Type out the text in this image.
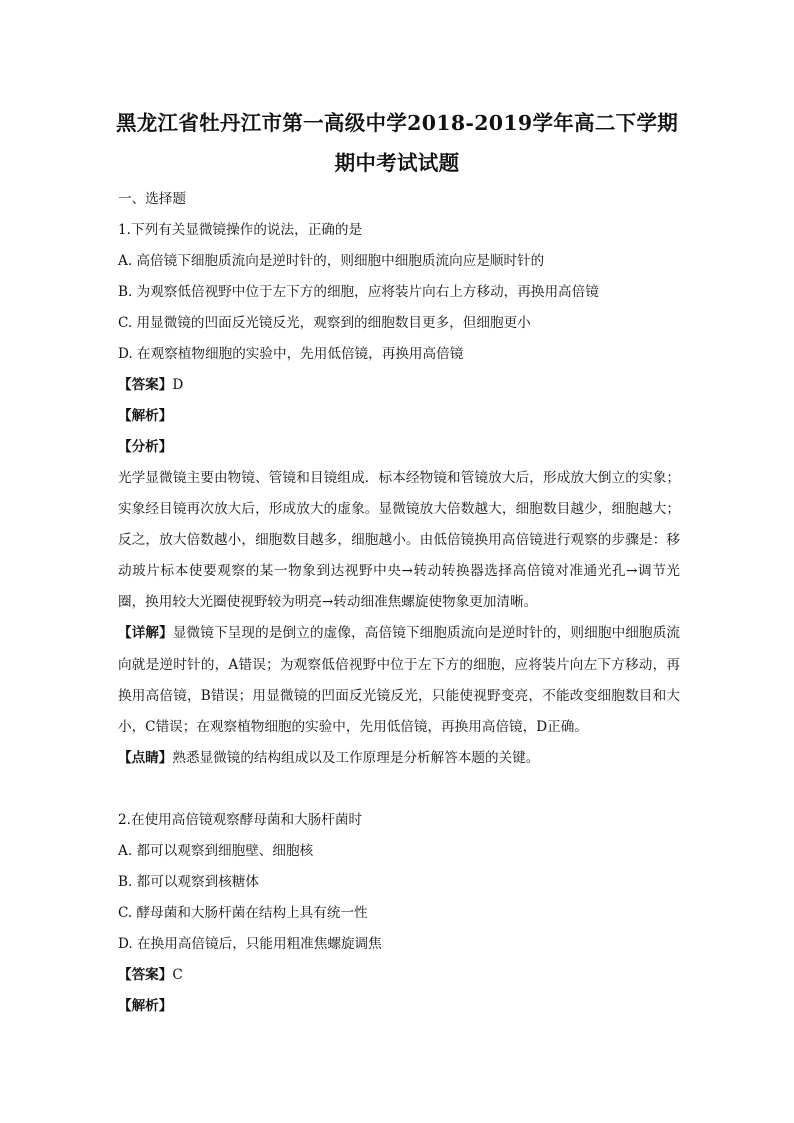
黑龙江省牡丹江市第一高级中学2018-2019学年高二下学期
期中考试试题

一、选择题

1.下列有关显微镜操作的说法，正确的是

A. 高倍镜下细胞质流向是逆时针的，则细胞中细胞质流向应是顺时针的

B. 为观察低倍视野中位于左下方的细胞，应将装片向右上方移动，再换用高倍镜

C. 用显微镜的凹面反光镜反光，观察到的细胞数目更多，但细胞更小

D. 在观察植物细胞的实验中，先用低倍镜，再换用高倍镜

【答案】D

【解析】

【分析】

光学显微镜主要由物镜、管镜和目镜组成．标本经物镜和管镜放大后，形成放大倒立的实象；实象经目镜再次放大后，形成放大的虚象。显微镜放大倍数越大，细胞数目越少，细胞越大；反之，放大倍数越小，细胞数目越多，细胞越小。由低倍镜换用高倍镜进行观察的步骤是：移动玻片标本使要观察的某一物象到达视野中央→转动转换器选择高倍镜对准通光孔→调节光圈，换用较大光圈使视野较为明亮→转动细准焦螺旋使物象更加清晰。

【详解】显微镜下呈现的是倒立的虚像，高倍镜下细胞质流向是逆时针的，则细胞中细胞质流向就是逆时针的，A错误；为观察低倍视野中位于左下方的细胞，应将装片向左下方移动，再换用高倍镜，B错误；用显微镜的凹面反光镜反光，只能使视野变亮，不能改变细胞数目和大小，C错误；在观察植物细胞的实验中，先用低倍镜，再换用高倍镜，D正确。

【点睛】熟悉显微镜的结构组成以及工作原理是分析解答本题的关键。

2.在使用高倍镜观察酵母菌和大肠杆菌时

A. 都可以观察到细胞壁、细胞核

B. 都可以观察到核糖体

C. 酵母菌和大肠杆菌在结构上具有统一性

D. 在换用高倍镜后，只能用粗准焦螺旋调焦

【答案】C

【解析】
